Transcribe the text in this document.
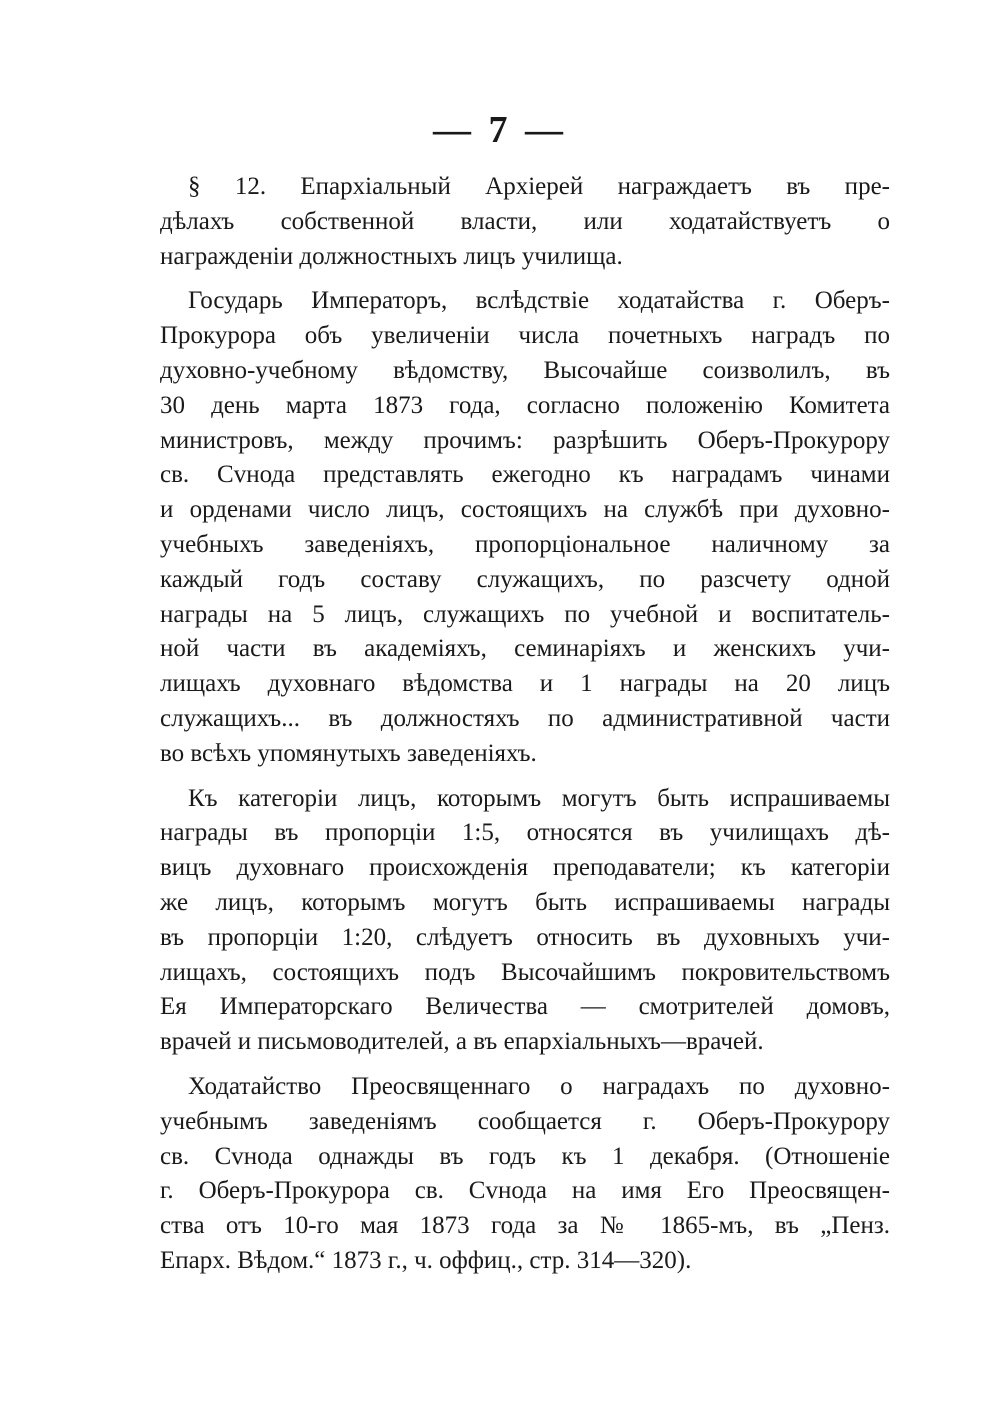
— 7 —
§ 12. Епархіальный Архіерей награждаетъ въ пре-
дѣлахъ собственной власти, или ходатайствуетъ о
награжденіи должностныхъ лицъ училища.
Государь Императоръ, вслѣдствіе ходатайства г. Оберъ-
Прокурора объ увеличеніи числа почетныхъ наградъ по
духовно-учебному вѣдомству, Высочайше соизволилъ, въ
30 день марта 1873 года, согласно положенію Комитета
министровъ, между прочимъ: разрѣшить Оберъ-Прокурору
св. Сvнода представлять ежегодно къ наградамъ чинами
и орденами число лицъ, состоящихъ на службѣ при духовно-
учебныхъ заведеніяхъ, пропорціональное наличному за
каждый годъ составу служащихъ, по разсчету одной
награды на 5 лицъ, служащихъ по учебной и воспитатель-
ной части въ академіяхъ, семинаріяхъ и женскихъ учи-
лищахъ духовнаго вѣдомства и 1 награды на 20 лицъ
служащихъ... въ должностяхъ по административной части
во всѣхъ упомянутыхъ заведеніяхъ.
Къ категоріи лицъ, которымъ могутъ быть испрашиваемы
награды въ пропорціи 1:5, относятся въ училищахъ дѣ-
вицъ духовнаго происхожденія преподаватели; къ категоріи
же лицъ, которымъ могутъ быть испрашиваемы награды
въ пропорціи 1:20, слѣдуетъ относить въ духовныхъ учи-
лищахъ, состоящихъ подъ Высочайшимъ покровительствомъ
Ея Императорскаго Величества — смотрителей домовъ,
врачей и письмоводителей, а въ епархіальныхъ—врачей.
Ходатайство Преосвященнаго о наградахъ по духовно-
учебнымъ заведеніямъ сообщается г. Оберъ-Прокурору
св. Сvнода однажды въ годъ къ 1 декабря. (Отношеніе
г. Оберъ-Прокурора св. Сvнода на имя Его Преосвящен-
ства отъ 10-го мая 1873 года за № 1865-мъ, въ „Пенз.
Епарх. Вѣдом.“ 1873 г., ч. оффиц., стр. 314—320).
